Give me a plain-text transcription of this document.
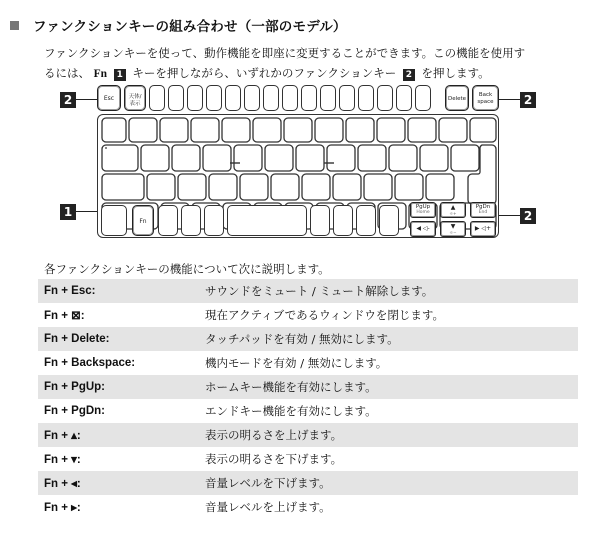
ファンクションキーの組み合わせ（一部のモデル）
ファンクションキーを使って、動作機能を即座に変更することができます。この機能を使用す
るには、 Fn 1 キーを押しながら、いずれかのファンクションキー 2 を押します。
2	2
1	2
Esc	天体/
表示
Delete
Back
space
Fn
PgUp
Home
▲
☼+
PgDn
End
◀ ◁-	▼
☼−
▶ ◁+
各ファンクションキーの機能について次に説明します。
Fn + Esc:	サウンドをミュート / ミュート解除します。
Fn + ⊠:	現在アクティブであるウィンドウを閉じます。
Fn + Delete:	タッチパッドを有効 / 無効にします。
Fn + Backspace:	機内モードを有効 / 無効にします。
Fn + PgUp:	ホームキー機能を有効にします。
Fn + PgDn:	エンドキー機能を有効にします。
Fn + ▴:	表示の明るさを上げます。
Fn + ▾:	表示の明るさを下げます。
Fn + ◂:	音量レベルを下げます。
Fn + ▸:	音量レベルを上げます。
